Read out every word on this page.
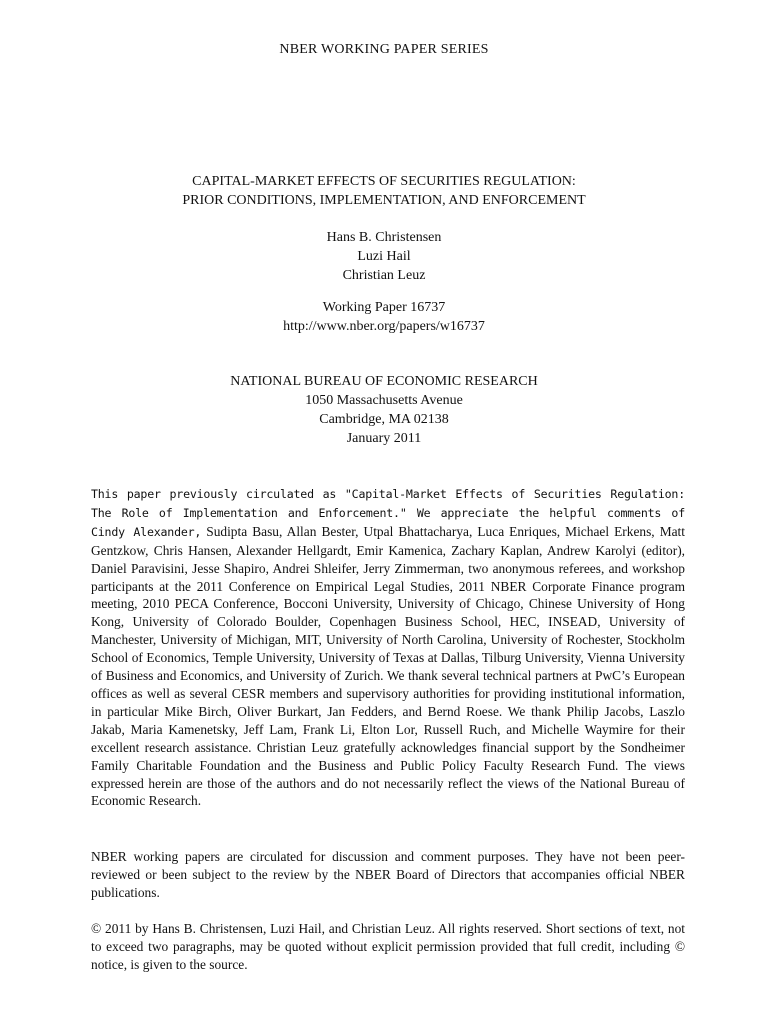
NBER WORKING PAPER SERIES
CAPITAL-MARKET EFFECTS OF SECURITIES REGULATION:
PRIOR CONDITIONS, IMPLEMENTATION, AND ENFORCEMENT
Hans B. Christensen
Luzi Hail
Christian Leuz
Working Paper 16737
http://www.nber.org/papers/w16737
NATIONAL BUREAU OF ECONOMIC RESEARCH
1050 Massachusetts Avenue
Cambridge, MA 02138
January 2011
This paper previously circulated as "Capital-Market Effects of Securities Regulation: The Role of Implementation and Enforcement." We appreciate the helpful comments of Cindy Alexander, Sudipta Basu, Allan Bester, Utpal Bhattacharya, Luca Enriques, Michael Erkens, Matt Gentzkow, Chris Hansen, Alexander Hellgardt, Emir Kamenica, Zachary Kaplan, Andrew Karolyi (editor), Daniel Paravisini, Jesse Shapiro, Andrei Shleifer, Jerry Zimmerman, two anonymous referees, and workshop participants at the 2011 Conference on Empirical Legal Studies, 2011 NBER Corporate Finance program meeting, 2010 PECA Conference, Bocconi University, University of Chicago, Chinese University of Hong Kong, University of Colorado Boulder, Copenhagen Business School, HEC, INSEAD, University of Manchester, University of Michigan, MIT, University of North Carolina, University of Rochester, Stockholm School of Economics, Temple University, University of Texas at Dallas, Tilburg University, Vienna University of Business and Economics, and University of Zurich. We thank several technical partners at PwC’s European offices as well as several CESR members and supervisory authorities for providing institutional information, in particular Mike Birch, Oliver Burkart, Jan Fedders, and Bernd Roese. We thank Philip Jacobs, Laszlo Jakab, Maria Kamenetsky, Jeff Lam, Frank Li, Elton Lor, Russell Ruch, and Michelle Waymire for their excellent research assistance. Christian Leuz gratefully acknowledges financial support by the Sondheimer Family Charitable Foundation and the Business and Public Policy Faculty Research Fund. The views expressed herein are those of the authors and do not necessarily reflect the views of the National Bureau of Economic Research.
NBER working papers are circulated for discussion and comment purposes. They have not been peer-reviewed or been subject to the review by the NBER Board of Directors that accompanies official NBER publications.
© 2011 by Hans B. Christensen, Luzi Hail, and Christian Leuz. All rights reserved. Short sections of text, not to exceed two paragraphs, may be quoted without explicit permission provided that full credit, including © notice, is given to the source.
